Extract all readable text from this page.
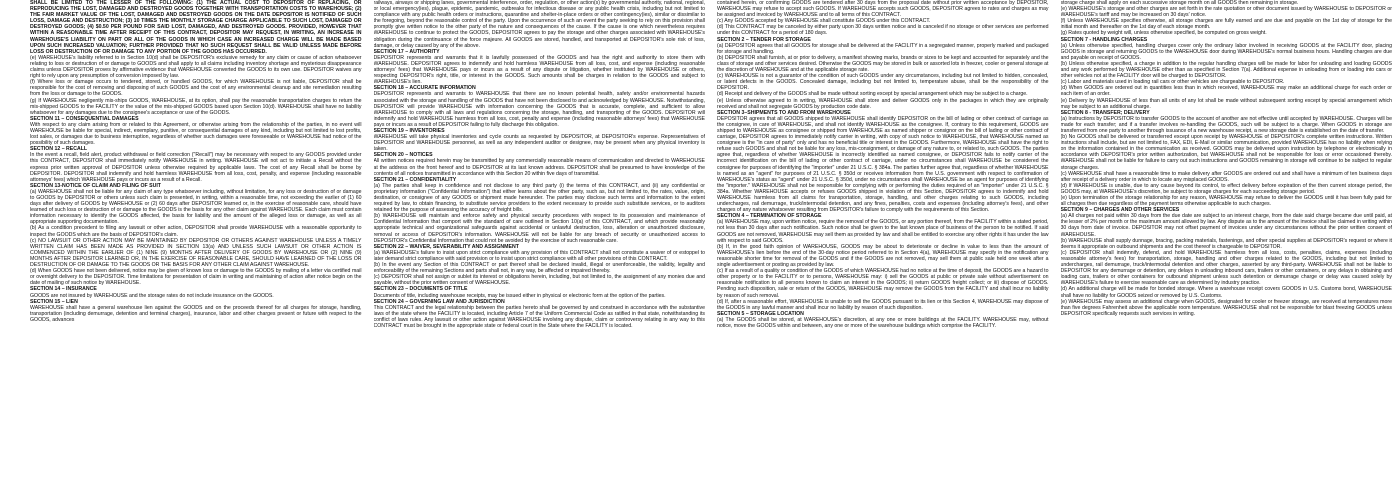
SHALL BE LIMITED TO THE LESSER OF THE FOLLOWING: (1) THE ACTUAL COST TO DEPOSITOR OF REPLACING, OR REPRODUCING THE LOST, DAMAGED AND DESTROYED GOODS TOGETHER WITH TRANSPORTATION COSTS TO WAREHOUSE; (2) THE FAIR MARKET VALUE OF THE LOST, DAMAGED AND DESTROYED GOODS ON THE DATE DEPOSITOR IS NOTIFIED OF SUCH LOSS, DAMAGE AND DESTRUCTION; (3) 10 TIMES THE MONTHLY STORAGE CHARGE APPLICABLE TO SUCH LOST, DAMAGED OR DESTROYED GOODS; (4) $0.50 PER POUND FOR SAID LOST, DAMAGED, AND DESTROYED GOODS. PROVIDED, HOWEVER THAT WITHIN A REASONABLE TIME AFTER RECEIPT OF THIS CONTRACT, DEPOSITOR MAY REQUEST, IN WRITING, AN INCREASE IN WAREHOUSE'S LIABILITY ON PART OR ALL OF THE GOODS IN WHICH CASE AN INCREASED CHARGE WILL BE MADE BASED UPON SUCH INCREASED VALUATION; FURTHER PROVIDED THAT NO SUCH REQUEST SHALL BE VALID UNLESS MADE BEFORE LOSS OR DESTRUCTION OF OR DAMAGE TO ANY PORTION OF THE GOODS HAS OCCURRED.

(e) WAREHOUSE's liability referred to in Section 10(d) shall be DEPOSITOR's exclusive remedy for any claim or cause of action whatsoever relating to loss or destruction of or damage to GOODS and shall apply to all claims including inventory shortage and mysterious disappearance claims unless DEPOSITOR proves by affirmative evidence that WAREHOUSE converted the GOODS to its own use. DEPOSITOR waives any right to rely upon any presumption of conversion imposed by law.

(f) Where loss or damage occurs to tendered, stored, or handled GOODS, for which WAREHOUSE is not liable, DEPOSITOR shall be responsible for the cost of removing and disposing of such GOODS and the cost of any environmental cleanup and site remediation resulting from the loss or damage to the GOODS.

(g) If WAREHOUSE negligently mis-ships GOODS, WAREHOUSE, at its option, shall pay the reasonable transportation charges to return the mis-shipped GOODS to the FACILITY or the value of the mis-shipped GOODS based upon Section 10(d). WAREHOUSE shall have no liability whatsoever for any damages due to the consignee's acceptance or use of the GOODS.

SECTION 11 – CONSEQUENTIAL DAMAGES

With respect to any claim arising from or related to this Agreement, or otherwise arising from the relationship of the parties, in no event will WAREHOUSE be liable for special, indirect, exemplary, punitive, or consequential damages of any kind, including but not limited to lost profits, lost sales, or damages due to business interruption, regardless of whether such damages were foreseeable or WAREHOUSE had notice of the possibility of such damages.

SECTION 12 – RECALL

In the event a recall, field alert, product withdrawal or field correction ("Recall") may be necessary with respect to any GOODS provided under this CONTRACT, DEPOSITOR shall immediately notify WAREHOUSE in writing. WAREHOUSE will not act to initiate a Recall without the express prior written approval of DEPOSITOR unless otherwise required by applicable laws. The cost of any Recall shall be borne by DEPOSITOR. DEPOSITOR shall indemnify and hold harmless WAREHOUSE from all loss, cost, penalty, and expense (including reasonable attorneys' fees) which WAREHOUSE pays or incurs as a result of a Recall.

SECTION 13-NOTICE OF CLAIM AND FILING OF SUIT

(a) WAREHOUSE shall not be liable for any claim of any type whatsoever including, without limitation, for any loss or destruction of or damage to GOODS by DEPOSITOR or others unless such claim is presented, in writing, within a reasonable time, not exceeding the earlier of (1) 60 days after delivery of GOODS by WAREHOUSE or (2) 60 days after DEPOSITOR learned or, in the exercise of reasonable care, should have learned of such loss or destruction of or damage to the GOODS is the basis for any other claim against WAREHOUSE. Each claim must contain information necessary to identify the GOODS affected, the basis for liability and the amount of the alleged loss or damage, as well as all appropriate supporting documentation.

(b) As a condition precedent to filing any lawsuit or other action, DEPOSITOR shall provide WAREHOUSE with a reasonable opportunity to inspect the GOODS which are the basis of DEPOSITOR's claim.

(c) NO LAWSUIT OR OTHER ACTION MAY BE MAINTAINED BY DEPOSITOR OR OTHERS AGAINST WAREHOUSE UNLESS A TIMELY WRITTEN CLAIM HAS BEEN MADE AS PROVIDED IN SECTION 13(a) AND UNLESS SUCH LAWSUIT OR OTHER ACTION IS COMMENCED WITHIN THE EARLIER OF (1) NINE (9) MONTHS AFTER DELIVERY OF GOODS BY WAREHOUSE OR (2) NINE (9) MONTHS AFTER DEPOSITOR LEARNED OR, IN THE EXERCISE OF REASONABLE CARE, SHOULD HAVE LEARNED OF THE LOSS OR DESTRUCTION OF OR DAMAGE TO THE GOODS OR THE BASIS FOR ANY OTHER CLAIM AGAINST WAREHOUSE.

(d) When GOODS have not been delivered, notice may be given of known loss or damage to the GOODS by mailing of a letter via certified mail or overnight delivery to the DEPOSITOR. Time limitations for presentation of claim in writing and maintaining of action after notice begin on the date of mailing of such notice by WAREHOUSE.

SECTION 14 – INSURANCE

GOODS are not insured by WAREHOUSE and the storage rates do not include insurance on the GOODS.

SECTION 15 – LIEN

WAREHOUSE shall have a general warehouse lien against the GOODS and on the proceeds thereof for all charges for storage, handling, transportation (including demurrage, detention and terminal charges), insurance, labor and other charges present or future with respect to the GOODS, advances

railways, airways or shipping lanes, governmental interference, order, regulation, or other action(s) by governmental authority, national, regional, or local emergency(ies), plague, epidemic, pandemic, outbreaks for infectious disease or any public health crisis, including but not limited to compliance with any public health orders or instructions, quarantine and shelter-in-place orders or other contingency(ies), similar or dissimilar to the foregoing, beyond the reasonable control of the party. Upon the occurrence of such an event the party seeking to rely on this provision shall promptly give written notice to the other party of the nature and consequences of the cause. If the cause is one which nevertheless requires WAREHOUSE to continue to protect the GOODS, DEPOSITOR agrees to pay the storage and other charges associated with WAREHOUSE's obligation during the continuance of the force majeure. All GOODS are stored, handled, and transported at DEPOSITOR's sole risk of loss, damage, or delay caused by any of the above.

SECTION 17 – AUTHORITY

DEPOSITOR represents and warrants that it is lawfully possessed of the GOODS and has the right and authority to store them with WAREHOUSE. DEPOSITOR agrees to indemnify and hold harmless WAREHOUSE from all loss, cost, and expense (including reasonable attorneys' fees) that WAREHOUSE pays or incurs as a result of any dispute or litigation, whether instituted by WAREHOUSE or others, respecting DEPOSITOR's right, title, or interest in the GOODS. Such amounts shall be charges in relation to the GOODS and subject to WAREHOUSE's lien.

SECTION 18 – ACCURATE INFORMATION

DEPOSITOR represents and warrants to WAREHOUSE that there are no known potential health, safety and/or environmental hazards associated with the storage and handling of the GOODS that have not been disclosed to and acknowledged by WAREHOUSE. Notwithstanding, DEPOSITOR will provide WAREHOUSE with information concerning the GOODS that is accurate, complete, and sufficient to allow WAREHOUSE to comply with all laws and regulations concerning the storage, handling, and transporting of the GOODS. DEPOSITOR will indemnify and hold WAREHOUSE harmless from all loss, cost, penalty and expense (including reasonable attorneys' fees) that WAREHOUSE pays or incurs as a result of DEPOSITOR failing to fully discharge this obligation.

SECTION 19 – INVENTORIES

WAREHOUSE will take physical inventories and cycle counts as requested by DEPOSITOR, at DEPOSITOR's expense. Representatives of DEPOSITOR and WAREHOUSE personnel, as well as any independent auditor or designee, may be present when any physical inventory is taken.

SECTION 20 – NOTICES

All written notices required herein may be transmitted by any commercially reasonable means of communication and directed to WAREHOUSE at the address on the front hereof and to DEPOSITOR at its last known address. DEPOSITOR shall be presumed to have knowledge of the contents of all notices transmitted in accordance with this Section 20 within five days of transmittal.

SECTION 21 – CONFIDENTIALITY

(a) The parties shall keep in confidence and not disclose to any third party (i) the terms of this CONTRACT, and (ii) any confidential or proprietary information ("Confidential Information") that either learns about the other party, such as, but not limited to, the rates, value, origin, destination, or consignee of any GOODS or shipment made hereunder. The parties may disclose such terms and information to the extent required by law, to obtain financing, to substitute service providers to the extent necessary to provide such substitute services, or to auditors retained for the purpose of assessing the accuracy of freight bills.

(b) WAREHOUSE will maintain and enforce safety and physical security procedures with respect to its possession and maintenance of Confidential Information that comport with the standard of care outlined in Section 10(a) of this CONTRACT, and which provide reasonably appropriate technical and organizational safeguards against accidental or unlawful destruction, loss, alteration or unauthorized disclosure, removal or access of DEPOSITOR's information. WAREHOUSE will not be liable for any breach of security or unauthorized access to DEPOSITOR's Confidential Information that could not be avoided by the exercise of such reasonable care.

SECTION 22 – WAIVER, SEVERABILITY AND ASSIGNMENT

(a) WAREHOUSE's failure to insist upon strict compliance with any provision of this CONTRACT shall not constitute a waiver of or estoppel to later demand strict compliance with said provision or to insist upon strict compliance with all other provisions of this CONTRACT.

(b) In the event any Section of this CONTRACT or part thereof shall be declared invalid, illegal or unenforceable, the validity, legality and enforceability of the remaining Sections and parts shall not, in any way, be affected or impaired thereby.

(c) DEPOSITOR shall not assign or sublet its interest or obligations herein, including, but not limited to, the assignment of any monies due and payable, without the prior written consent of WAREHOUSE.

SECTION 23 – DOCUMENTS OF TITLE

Documents of title, including warehouse receipts, may be issued either in physical or electronic form at the option of the parties.

SECTION 24 – GOVERNING LAW AND JURISDICTION

This CONTRACT and the legal relationship between the parties hereto shall be governed by and construed in accordance with the substantive laws of the state where the FACILITY is located, including Article 7 of the Uniform Commercial Code as ratified in that state, notwithstanding its conflict of laws rules. Any lawsuit or other action against WAREHOUSE involving any dispute, claim or controversy relating in any way to this CONTRACT must be brought in the appropriate state or federal court in the State where the FACILITY is located.

contained herein, or confirming GOODS are tendered after 30 days from the proposal date without prior written acceptance by DEPOSITOR, WAREHOUSE may refuse to accept such GOODS. If WAREHOUSE accepts such GOODS, DEPOSITOR agrees to rates and charges as may be assigned and invoiced by WAREHOUSE and to all terms of this CONTRACT.

(c) Any GOODS accepted by WAREHOUSE shall constitute GOODS under this CONTRACT.

(d) This CONTRACT may be canceled by either party upon 30 days written notice and is canceled if no storage or other services are performed under this CONTRACT for a period of 180 days.

SECTION 2 – TENDER FOR STORAGE

(a) DEPOSITOR agrees that all GOODS for storage shall be delivered at the FACILITY in a segregated manner, properly marked and packaged for storage and handling.

(b) DEPOSITOR shall furnish, at or prior to delivery, a manifest showing marks, brands or sizes to be kept and accounted for separately and the class of storage and other services desired. Otherwise the GOODS may be stored in bulk or assorted lots in freezer, cooler or general storage at the discretion of WAREHOUSE and at the applicable storage rate.

(c) WAREHOUSE is not a guarantor of the condition of such GOODS under any circumstances, including but not limited to hidden, concealed, or latent defects in the GOODS. Concealed damage, including but not limited to, temperature abuse, shall be the responsibility of the DEPOSITOR.

(d) Receipt and delivery of the GOODS shall be made without sorting except by special arrangement which may be subject to a charge.

(e) Unless otherwise agreed to in writing, WAREHOUSE shall store and deliver GOODS only in the packages in which they are originally received and shall not segregate GOODS by production code date.

SECTION 3–SHIPMENTS TO AND FROM WAREHOUSE

DEPOSITOR agrees that all GOODS shipped to WAREHOUSE shall identify DEPOSITOR on the bill of lading or other contract of carriage as the consignee, in care of WAREHOUSE, and shall not identify WAREHOUSE as the consignee. If, contrary to this requirement, GOODS are shipped to WAREHOUSE as consignee or shipped from WAREHOUSE as named shipper or consignor on the bill of lading or other contract of carriage, DEPOSITOR agrees to immediately notify carrier in writing, with copy of such notice to WAREHOUSE, that WAREHOUSE named as consignee is the "in care of party" only and has no beneficial title or interest in the GOODS. Furthermore, WAREHOUSE shall have the right to refuse such GOODS and shall not be liable for any loss, mis-consignment, or damage of any nature to, or related to, such GOODS. The parties agree that, regardless of whether WAREHOUSE is incorrectly identified as named consignee, or DEPOSITOR fails to notify carrier of the incorrect identification on the bill of lading or other contract of carriage, under no circumstances shall WAREHOUSE be considered the consignee for purposes of identifying the "importer" under 21 U.S.C. § 384a. The parties further agree that, regardless of whether WAREHOUSE is named as an "agent" for purposes of 21 U.S.C. § 350d or receives information from the U.S. government with respect to confirmation of WAREHOUSE's status as "agent" under 21 U.S.C. § 350d, under no circumstances shall WAREHOUSE be an agent for purposes of identifying the "importer." WAREHOUSE shall not be responsible for complying with or performing the duties required of an "importer" under 21 U.S.C. § 384a. Whether WAREHOUSE accepts or refuses GOODS shipped in violation of this Section, DEPOSITOR agrees to indemnify and hold WAREHOUSE harmless from all claims for transportation, storage, handling, and other charges relating to such GOODS, including undercharges, rail demurrage, truck/intermodal detention, and any fines, penalties, costs and expenses (including attorney's fees), and other charges of any nature whatsoever resulting from DEPOSITOR's failure to comply with the requirements of this Section.

SECTION 4 – TERMINATION OF STORAGE

(a) WAREHOUSE may, upon written notice, require the removal of the GOODS, or any portion thereof, from the FACILITY within a stated period, not less than 30 days after such notification. Such notice shall be given to the last known place of business of the person to be notified. If said GOODS are not removed, WAREHOUSE may sell them as provided by law and shall be entitled to exercise any other rights it has under the law with respect to said GOODS.

(b) If, in the good faith opinion of WAREHOUSE, GOODS may be about to deteriorate or decline in value to less than the amount of WAREHOUSE's lien before the end of the 30-day notice period referred to in Section 4(a), WAREHOUSE may specify in the notification any reasonable shorter time for removal of the GOODS and if the GOODS are not removed, may sell them at public sale held one week after a single advertisement or posting as provided by law.

(c) If as a result of a quality or condition of the GOODS of which WAREHOUSE had no notice at the time of deposit, the GOODS are a hazard to other property or to the FACILITY or to persons, WAREHOUSE may: i) sell the GOODS at public or private sale without advertisement on reasonable notification to all persons known to claim an interest in the GOODS; ii) return GOODS freight collect; or iii) dispose of GOODS. Pending such disposition, sale or return of the GOODS, WAREHOUSE may remove the GOODS from the FACILITY and shall incur no liability by reason of such removal.

(d) If, after a reasonable effort, WAREHOUSE is unable to sell the GOODS pursuant to its lien or this Section 4, WAREHOUSE may dispose of the GOODS in any lawful manner and shall incur no liability by reason of such disposition.

SECTION 5 – STORAGE LOCATION

(a) The GOODS shall be stored, at WAREHOUSE's discretion, at any one or more buildings at the FACILITY. WAREHOUSE may, without notice, move the GOODS within and between, any one or more of the warehouse buildings which comprise the FACILITY.

storage charge shall apply on each successive storage month on all GOODS then remaining in storage.

(e) WAREHOUSE's storage and other charges are set forth in the rate quotation or other document issued by WAREHOUSE to DEPOSITOR or WAREHOUSE's tariff and may be increased on 30 days' notice.

(f) Unless WAREHOUSE specifies otherwise, all storage charges are fully earned and are due and payable on the 1st day of storage for the initial month and thereafter on the 1st day of each storage month.

(g) Rates quoted by weight will, unless otherwise specified, be computed on gross weight.

SECTION 7 - HANDLING CHARGES

(a) Unless otherwise specified, handling charges cover only the ordinary labor involved in receiving GOODS at the FACILITY door, placing GOODS in storage and returning GOODS to the WAREHOUSE door during WAREHOUSE's normal business hours. Handling charges are due and payable on receipt of GOODS.

(b) Unless otherwise specified, a charge in addition to the regular handling charges will be made for labor for unloading and loading GOODS and any work performed by WAREHOUSE other than as specified in Section 7(a). Additional expense in unloading from or loading into cars or other vehicles not at the FACILITY door will be charged to DEPOSITOR.

(c) Labor and materials used in loading rail cars or other vehicles are chargeable to DEPOSITOR.

(d) When GOODS are ordered out in quantities less than in which received, WAREHOUSE may make an additional charge for each order or each item of an order.

(e) Delivery by WAREHOUSE of less than all units of any lot shall be made without subsequent sorting except by special arrangement which may be subject to an additional charge.

SECTION 8 - TRANSFER; DELIVERY

(a) Instructions by DEPOSITOR to transfer GOODS to the account of another are not effective until accepted by WAREHOUSE. Charges will be made for each transfer; and if a transfer involves re-handling the GOODS, such will be subject to a charge. When GOODS in storage are transferred from one party to another through issuance of a new warehouse receipt, a new storage date is established on the date of transfer.

(b) No GOODS shall be delivered or transferred except upon receipt by WAREHOUSE of DEPOSITOR's complete written instructions. Written instructions shall include, but are not limited to, FAX, EDI, E-Mail or similar communication, provided WAREHOUSE has no liability when relying on the information contained in the communication as received. GOODS may be delivered upon instruction by telephone or electronically in accordance with DEPOSITOR's prior written authorization, but WAREHOUSE shall not be responsible for loss or error occasioned thereby. WAREHOUSE shall not be liable for failure to carry out such instructions and GOODS remaining in storage will continue to be subject to regular storage charges.

(c) WAREHOUSE shall have a reasonable time to make delivery after GOODS are ordered out and shall have a minimum of ten business days after receipt of a delivery order in which to locate any misplaced GOODS.

(d) If WAREHOUSE is unable, due to any cause beyond its control, to effect delivery before expiration of the then current storage period, the GOODS may, at WAREHOUSE's discretion, be subject to storage charges for each succeeding storage period.

(e) Upon termination of the storage relationship for any reason, WAREHOUSE may refuse to deliver the GOODS until it has been fully paid for all charges then due regardless of the payment terms otherwise applicable to such charges.

SECTION 9 – CHARGES AND OTHER SERVICES

(a) All charges not paid within 30 days from the due date are subject to an interest charge, from the date said charge became due until paid, at the lesser of 2% per month or the maximum amount allowed by law. Any dispute as to the amount of the invoice shall be claimed in writing within 30 days from date of invoice. DEPOSITOR may not offset payment of invoices under any circumstances without the prior written consent of WAREHOUSE.

(b) WAREHOUSE shall supply dunnage, bracing, packing materials, fastenings, and other special supplies at DEPOSITOR's request or where it deems it appropriate on outbound shipments and the cost thereof is chargeable to DEPOSITOR.

(c) DEPOSITOR shall indemnify, defend, and hold WAREHOUSE harmless from all loss, costs, penalties, claims, expenses (including reasonable attorney's fees) for transportation, storage, handling and other charges related to the GOODS, including but not limited to undercharges, rail demurrage, truck/intermodal detention and other charges, asserted by any third-party. WAREHOUSE shall not be liable to DEPOSITOR for any demurrage or detention, any delays in unloading inbound cars, trailers or other containers, or any delays in obtaining and loading cars, trailers or other containers for outbound shipment unless such detention or demurrage charge or delay was caused solely by WAREHOUSE's failure to exercise reasonable care as determined by industry practice.

(d) An additional charge will be made for bonded storage. Where a warehouse receipt covers GOODS in U.S. Customs bond, WAREHOUSE shall have no liability for GOODS seized or removed by U.S. Customs.

(e) WAREHOUSE may assess an additional charge when GOODS, designated for cooler or freezer storage, are received at temperatures more than five degrees Fahrenheit above the applicable room temperature. WAREHOUSE shall not be responsible for blast freezing GOODS unless DEPOSITOR specifically requests such services in writing.
